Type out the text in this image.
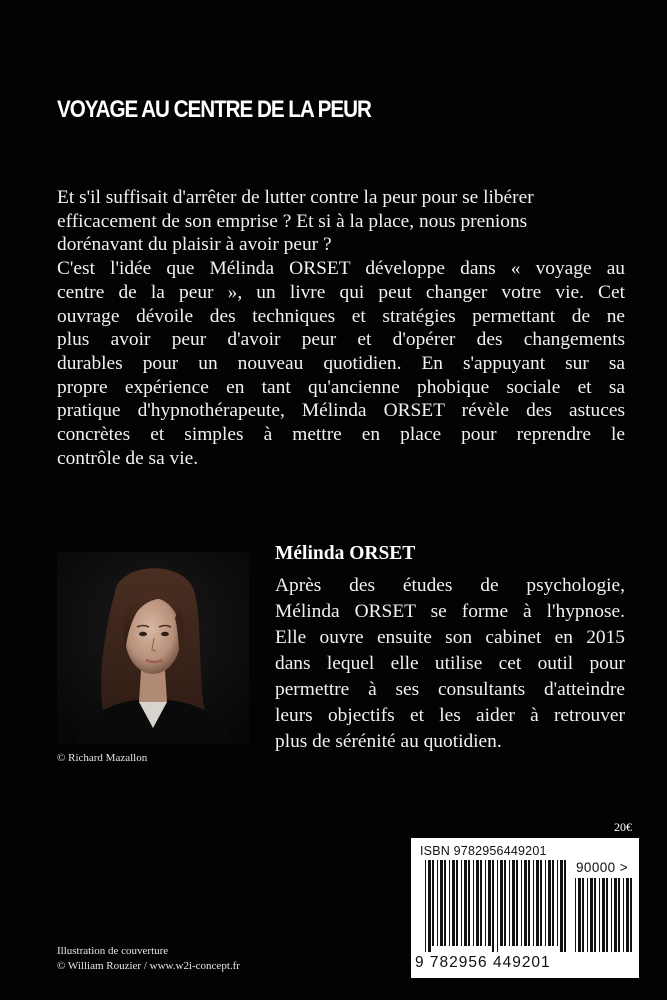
VOYAGE AU CENTRE DE LA PEUR

Et s'il suffisait d'arrêter de lutter contre la peur pour se libérer
efficacement de son emprise ? Et si à la place, nous prenions
dorénavant du plaisir à avoir peur ?

C'est l'idée que Mélinda ORSET développe dans « voyage au
centre de la peur », un livre qui peut changer votre vie. Cet
ouvrage dévoile des techniques et stratégies permettant de ne
plus avoir peur d'avoir peur et d'opérer des changements
durables pour un nouveau quotidien. En s'appuyant sur sa
propre expérience en tant qu'ancienne phobique sociale et sa
pratique d'hypnothérapeute, Mélinda ORSET révèle des astuces
concrètes et simples à mettre en place pour reprendre le
contrôle de sa vie.

© Richard Mazallon
Mélinda ORSET
Après des études de psychologie,
Mélinda ORSET se forme à l'hypnose.
Elle ouvre ensuite son cabinet en 2015
dans lequel elle utilise cet outil pour
permettre à ses consultants d'atteindre
leurs objectifs et les aider à retrouver
plus de sérénité au quotidien.
20€
ISBN 9782956449201
90000 >
9 782956 449201
Illustration de couverture
© William Rouzier / www.w2i-concept.fr
